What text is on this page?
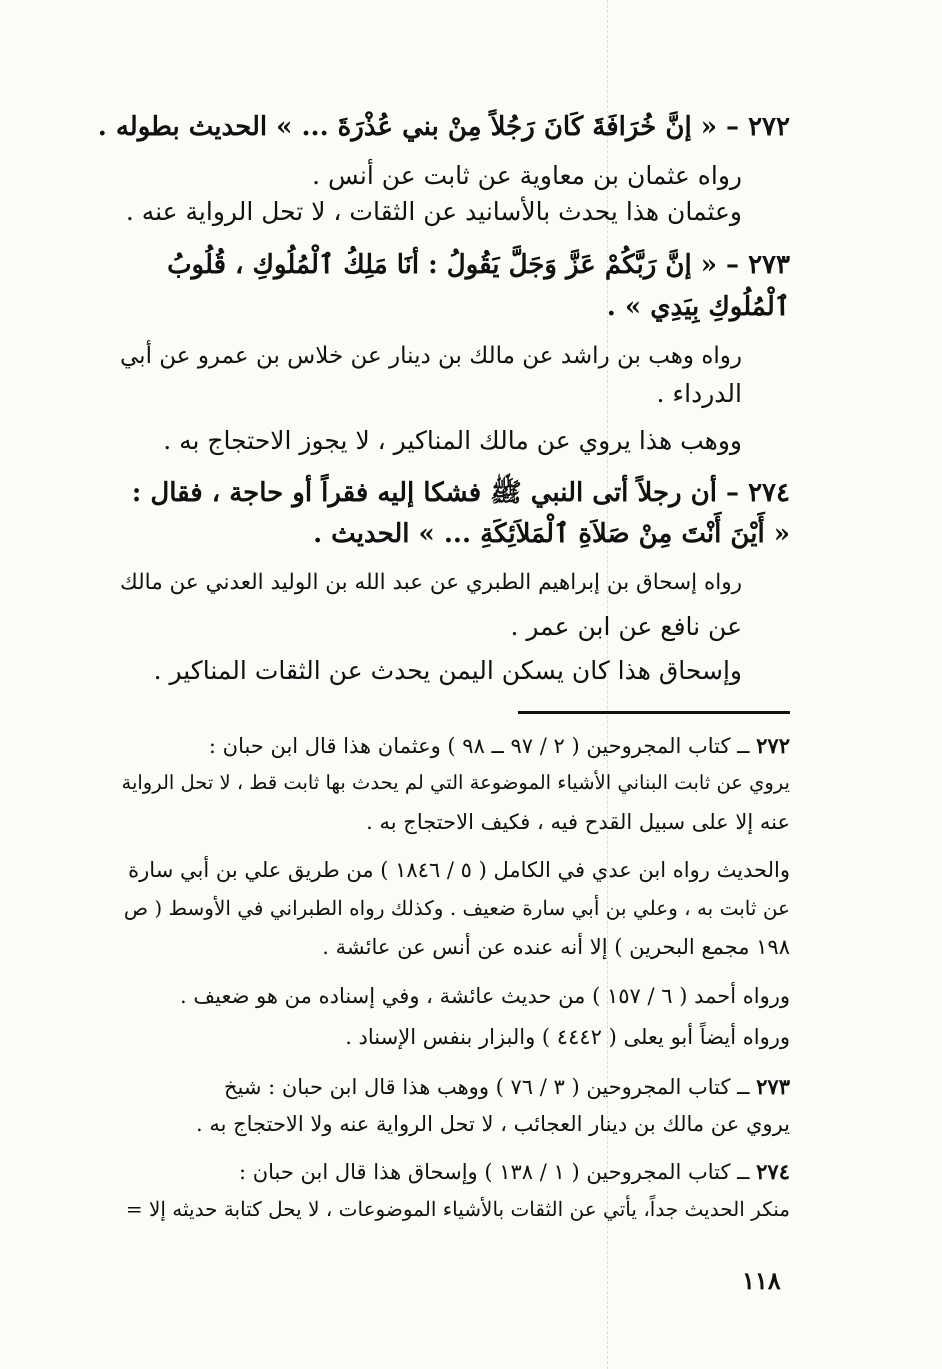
٢٧٢ – « إنَّ خُرَافَةَ كَانَ رَجُلاً مِنْ بني عُذْرَةَ ... » الحديث بطوله .
رواه عثمان بن معاوية عن ثابت عن أنس .
وعثمان هذا يحدث بالأسانيد عن الثقات ، لا تحل الرواية عنه .
٢٧٣ – « إنَّ رَبَّكُمْ عَزَّ وَجَلَّ يَقُولُ : أنَا مَلِكُ ٱلْمُلُوكِ ، قُلُوبُ
ٱلْمُلُوكِ بِيَدِي » .
رواه وهب بن راشد عن مالك بن دينار عن خلاس بن عمرو عن أبي
الدرداء .
ووهب هذا يروي عن مالك المناكير ، لا يجوز الاحتجاج به .
٢٧٤ – أن رجلاً أتى النبي ﷺ فشكا إليه فقراً أو حاجة ، فقال :
« أَيْنَ أَنْتَ مِنْ صَلاَةِ ٱلْمَلاَئِكَةِ ... » الحديث .
رواه إسحاق بن إبراهيم الطبري عن عبد الله بن الوليد العدني عن مالك
عن نافع عن ابن عمر .
وإسحاق هذا كان يسكن اليمن يحدث عن الثقات المناكير .
٢٧٢ ــ كتاب المجروحين ( ٢ / ٩٧ ــ ٩٨ ) وعثمان هذا قال ابن حبان :
يروي عن ثابت البناني الأشياء الموضوعة التي لم يحدث بها ثابت قط ، لا تحل الرواية
عنه إلا على سبيل القدح فيه ، فكيف الاحتجاج به .
والحديث رواه ابن عدي في الكامل ( ٥ / ١٨٤٦ ) من طريق علي بن أبي سارة
عن ثابت به ، وعلي بن أبي سارة ضعيف . وكذلك رواه الطبراني في الأوسط ( ص
١٩٨ مجمع البحرين ) إلا أنه عنده عن أنس عن عائشة .
ورواه أحمد ( ٦ / ١٥٧ ) من حديث عائشة ، وفي إسناده من هو ضعيف .
ورواه أيضاً أبو يعلى ( ٤٤٤٢ ) والبزار بنفس الإسناد .
٢٧٣ ــ كتاب المجروحين ( ٣ / ٧٦ ) ووهب هذا قال ابن حبان : شيخ
يروي عن مالك بن دينار العجائب ، لا تحل الرواية عنه ولا الاحتجاج به .
٢٧٤ ــ كتاب المجروحين ( ١ / ١٣٨ ) وإسحاق هذا قال ابن حبان :
منكر الحديث جداً، يأتي عن الثقات بالأشياء الموضوعات ، لا يحل كتابة حديثه إلا =
١١٨
